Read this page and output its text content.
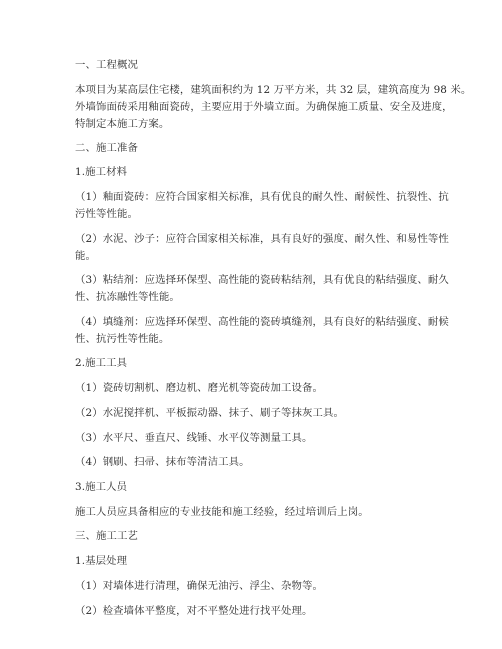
一、工程概况
本项目为某高层住宅楼，建筑面积约为 12 万平方米，共 32 层，建筑高度为 98 米。
外墙饰面砖采用釉面瓷砖，主要应用于外墙立面。为确保施工质量、安全及进度，
特制定本施工方案。
二、施工准备
1.施工材料
（1）釉面瓷砖：应符合国家相关标准，具有优良的耐久性、耐候性、抗裂性、抗
污性等性能。
（2）水泥、沙子：应符合国家相关标准，具有良好的强度、耐久性、和易性等性
能。
（3）粘结剂：应选择环保型、高性能的瓷砖粘结剂，具有优良的粘结强度、耐久
性、抗冻融性等性能。
（4）填缝剂：应选择环保型、高性能的瓷砖填缝剂，具有良好的粘结强度、耐候
性、抗污性等性能。
2.施工工具
（1）瓷砖切割机、磨边机、磨光机等瓷砖加工设备。
（2）水泥搅拌机、平板振动器、抹子、刷子等抹灰工具。
（3）水平尺、垂直尺、线锤、水平仪等测量工具。
（4）钢刷、扫帚、抹布等清洁工具。
3.施工人员
施工人员应具备相应的专业技能和施工经验，经过培训后上岗。
三、施工工艺
1.基层处理
（1）对墙体进行清理，确保无油污、浮尘、杂物等。
（2）检查墙体平整度，对不平整处进行找平处理。
